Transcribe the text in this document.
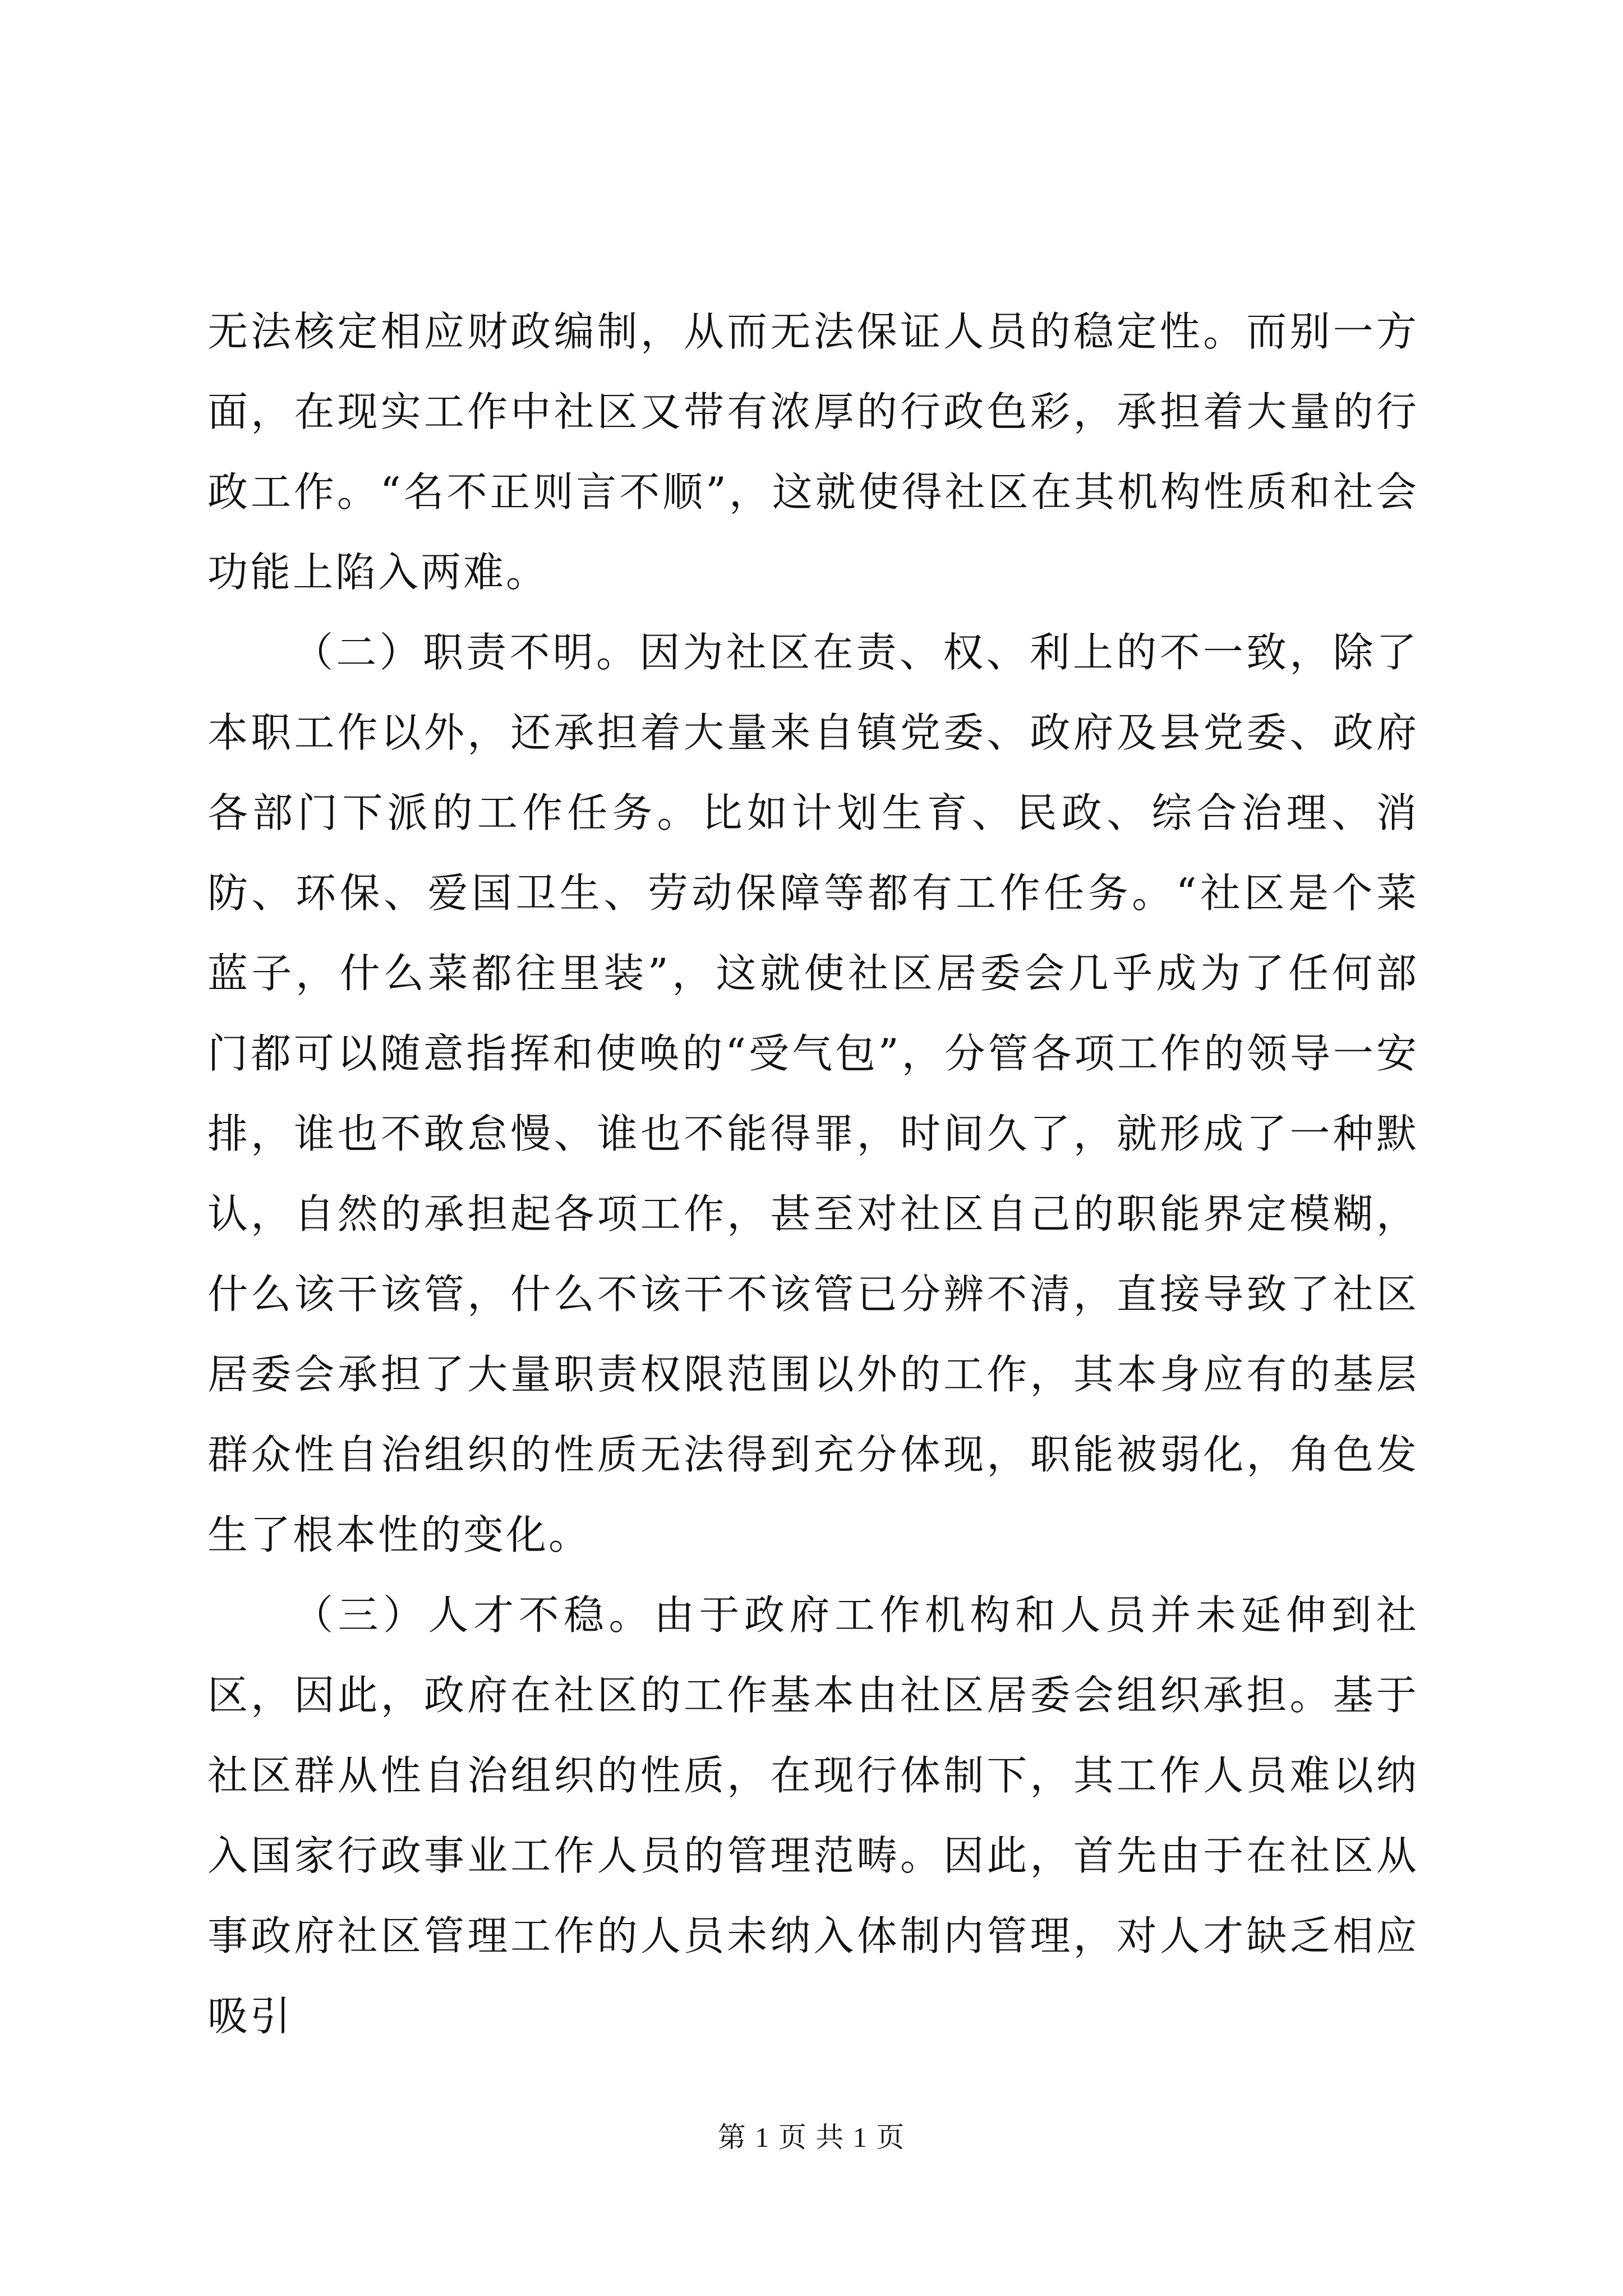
无法核定相应财政编制，从而无法保证人员的稳定性。而别一方面，在现实工作中社区又带有浓厚的行政色彩，承担着大量的行政工作。“名不正则言不顺”，这就使得社区在其机构性质和社会功能上陷入两难。

（二）职责不明。因为社区在责、权、利上的不一致，除了本职工作以外，还承担着大量来自镇党委、政府及县党委、政府各部门下派的工作任务。比如计划生育、民政、综合治理、消防、环保、爱国卫生、劳动保障等都有工作任务。“社区是个菜蓝子，什么菜都往里装”，这就使社区居委会几乎成为了任何部门都可以随意指挥和使唤的“受气包”，分管各项工作的领导一安排，谁也不敢怠慢、谁也不能得罪，时间久了，就形成了一种默认，自然的承担起各项工作，甚至对社区自己的职能界定模糊，什么该干该管，什么不该干不该管已分辨不清，直接导致了社区居委会承担了大量职责权限范围以外的工作，其本身应有的基层群众性自治组织的性质无法得到充分体现，职能被弱化，角色发生了根本性的变化。

（三）人才不稳。由于政府工作机构和人员并未延伸到社区，因此，政府在社区的工作基本由社区居委会组织承担。基于社区群从性自治组织的性质，在现行体制下，其工作人员难以纳入国家行政事业工作人员的管理范畴。因此，首先由于在社区从事政府社区管理工作的人员未纳入体制内管理，对人才缺乏相应吸引

第 1 页 共 1 页
